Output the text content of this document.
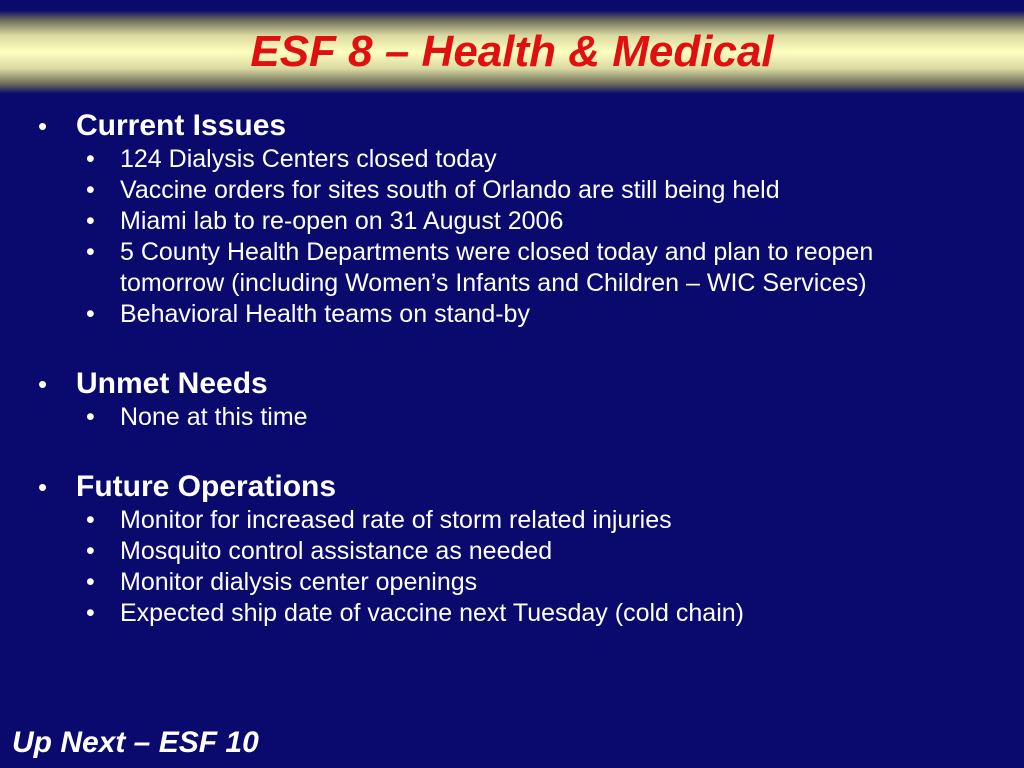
ESF 8 – Health & Medical
• Current Issues
• 124 Dialysis Centers closed today
• Vaccine orders for sites south of Orlando are still being held
• Miami lab to re-open on 31 August 2006
• 5 County Health Departments were closed today and plan to reopen tomorrow (including Women’s Infants and Children – WIC Services)
• Behavioral Health teams on stand-by
• Unmet Needs
• None at this time
• Future Operations
• Monitor for increased rate of storm related injuries
• Mosquito control assistance as needed
• Monitor dialysis center openings
• Expected ship date of vaccine next Tuesday (cold chain)
Up Next – ESF 10
